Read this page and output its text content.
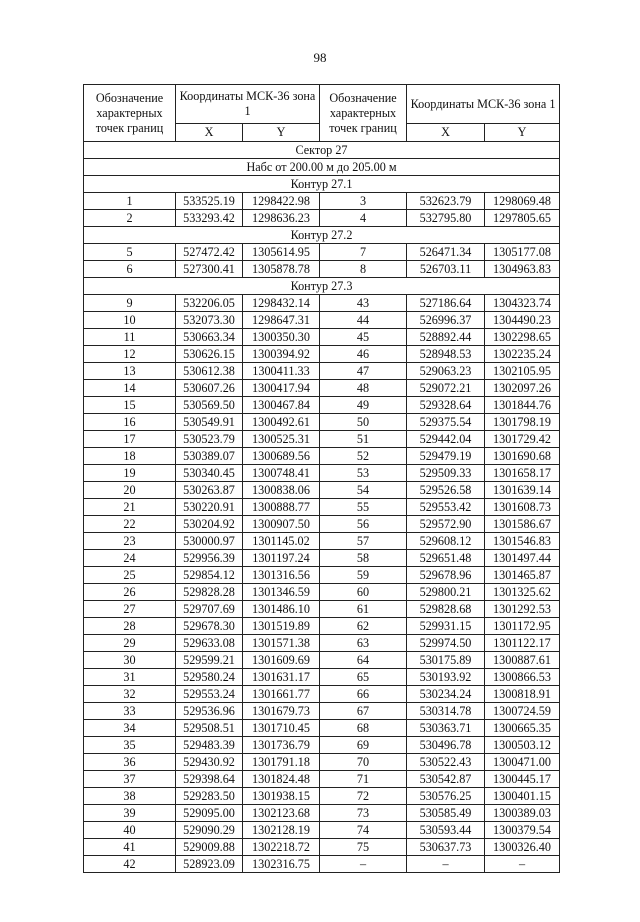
98
Обозначение характерных точек границ	Координаты МСК-36 зона 1		Обозначение характерных точек границ	Координаты МСК-36 зона 1	
	X	Y		X	Y
Сектор 27					
Набс от 200.00 м до 205.00 м					
Контур 27.1					
1	533525.19	1298422.98	3	532623.79	1298069.48
2	533293.42	1298636.23	4	532795.80	1297805.65
Контур 27.2					
5	527472.42	1305614.95	7	526471.34	1305177.08
6	527300.41	1305878.78	8	526703.11	1304963.83
Контур 27.3					
9	532206.05	1298432.14	43	527186.64	1304323.74
10	532073.30	1298647.31	44	526996.37	1304490.23
11	530663.34	1300350.30	45	528892.44	1302298.65
12	530626.15	1300394.92	46	528948.53	1302235.24
13	530612.38	1300411.33	47	529063.23	1302105.95
14	530607.26	1300417.94	48	529072.21	1302097.26
15	530569.50	1300467.84	49	529328.64	1301844.76
16	530549.91	1300492.61	50	529375.54	1301798.19
17	530523.79	1300525.31	51	529442.04	1301729.42
18	530389.07	1300689.56	52	529479.19	1301690.68
19	530340.45	1300748.41	53	529509.33	1301658.17
20	530263.87	1300838.06	54	529526.58	1301639.14
21	530220.91	1300888.77	55	529553.42	1301608.73
22	530204.92	1300907.50	56	529572.90	1301586.67
23	530000.97	1301145.02	57	529608.12	1301546.83
24	529956.39	1301197.24	58	529651.48	1301497.44
25	529854.12	1301316.56	59	529678.96	1301465.87
26	529828.28	1301346.59	60	529800.21	1301325.62
27	529707.69	1301486.10	61	529828.68	1301292.53
28	529678.30	1301519.89	62	529931.15	1301172.95
29	529633.08	1301571.38	63	529974.50	1301122.17
30	529599.21	1301609.69	64	530175.89	1300887.61
31	529580.24	1301631.17	65	530193.92	1300866.53
32	529553.24	1301661.77	66	530234.24	1300818.91
33	529536.96	1301679.73	67	530314.78	1300724.59
34	529508.51	1301710.45	68	530363.71	1300665.35
35	529483.39	1301736.79	69	530496.78	1300503.12
36	529430.92	1301791.18	70	530522.43	1300471.00
37	529398.64	1301824.48	71	530542.87	1300445.17
38	529283.50	1301938.15	72	530576.25	1300401.15
39	529095.00	1302123.68	73	530585.49	1300389.03
40	529090.29	1302128.19	74	530593.44	1300379.54
41	529009.88	1302218.72	75	530637.73	1300326.40
42	528923.09	1302316.75	–	–	–
